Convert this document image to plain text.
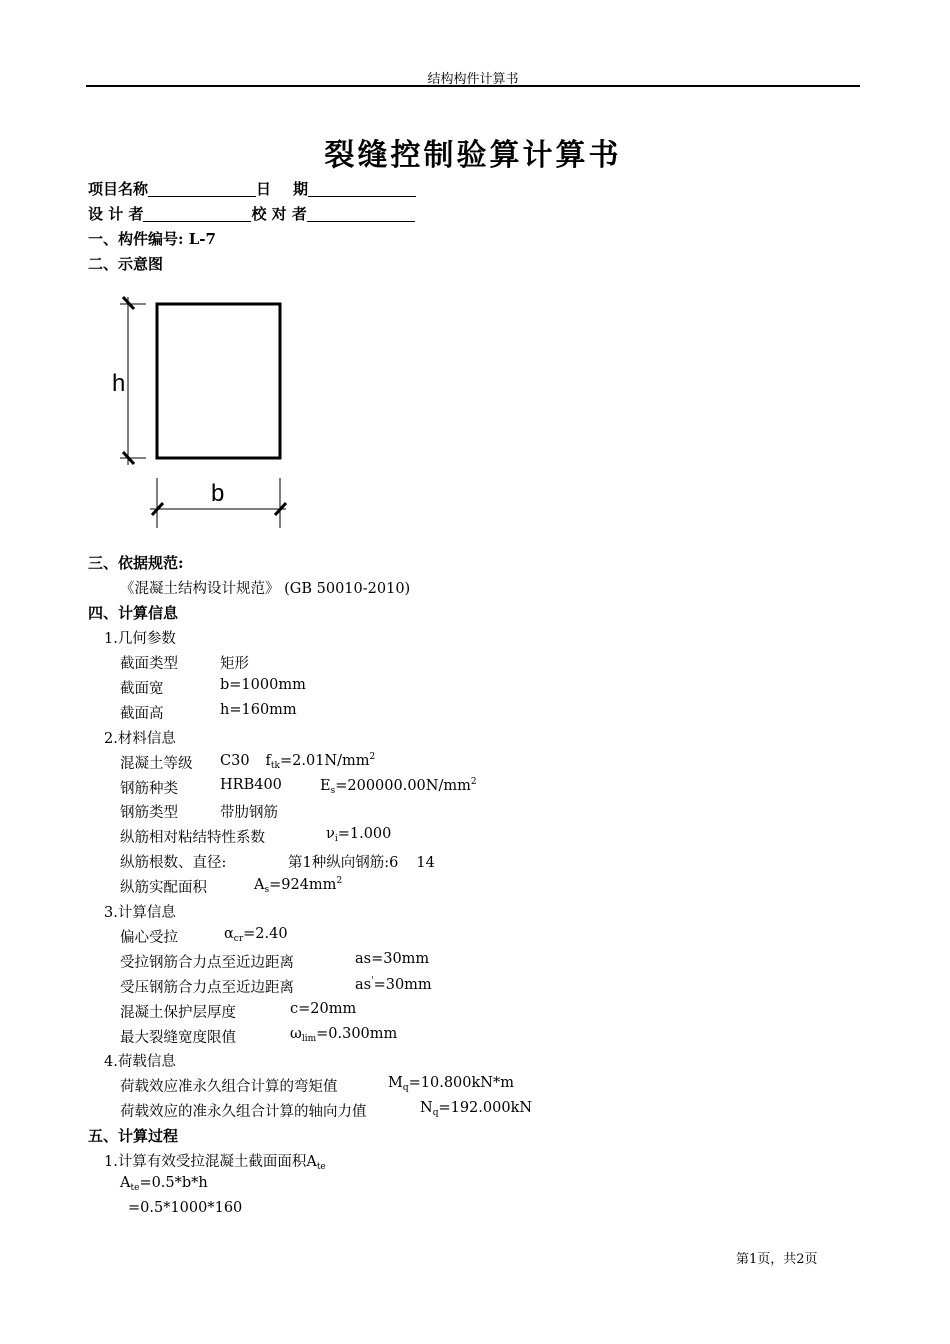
结构构件计算书
裂缝控制验算计算书
项目名称	日 期
设 计 者	校 对 者
一、构件编号: L-7
二、示意图
h
b
三、依据规范:
《混凝土结构设计规范》 (GB 50010-2010)
四、计算信息
1.几何参数
截面类型	矩形
截面宽	b=1000mm
截面高	h=160mm
2.材料信息
混凝土等级 C30 $f_{tk}=2.01N/mm^2$
钢筋种类	HRB400	$E_s=200000.00N/mm^2$
钢筋类型	带肋钢筋
纵筋相对粘结特性系数	$\nu_i=1.000$
纵筋根数、直径:	第1种纵向钢筋:6 14
纵筋实配面积	$A_s=924mm^2$
3.计算信息
偏心受拉	$\alpha_{cr}=2.40$
受拉钢筋合力点至近边距离	as=30mm
受压钢筋合力点至近边距离	as'=30mm
混凝土保护层厚度	c=20mm
最大裂缝宽度限值	$\omega_{lim}=0.300mm$
4.荷载信息
荷载效应准永久组合计算的弯矩值	$M_q=10.800kN*m$
荷载效应的准永久组合计算的轴向力值	$N_q=192.000kN$
五、计算过程
1.计算有效受拉混凝土截面面积$A_{te}$
$A_{te}=0.5*b*h$
=0.5*1000*160
第1页，共2页
